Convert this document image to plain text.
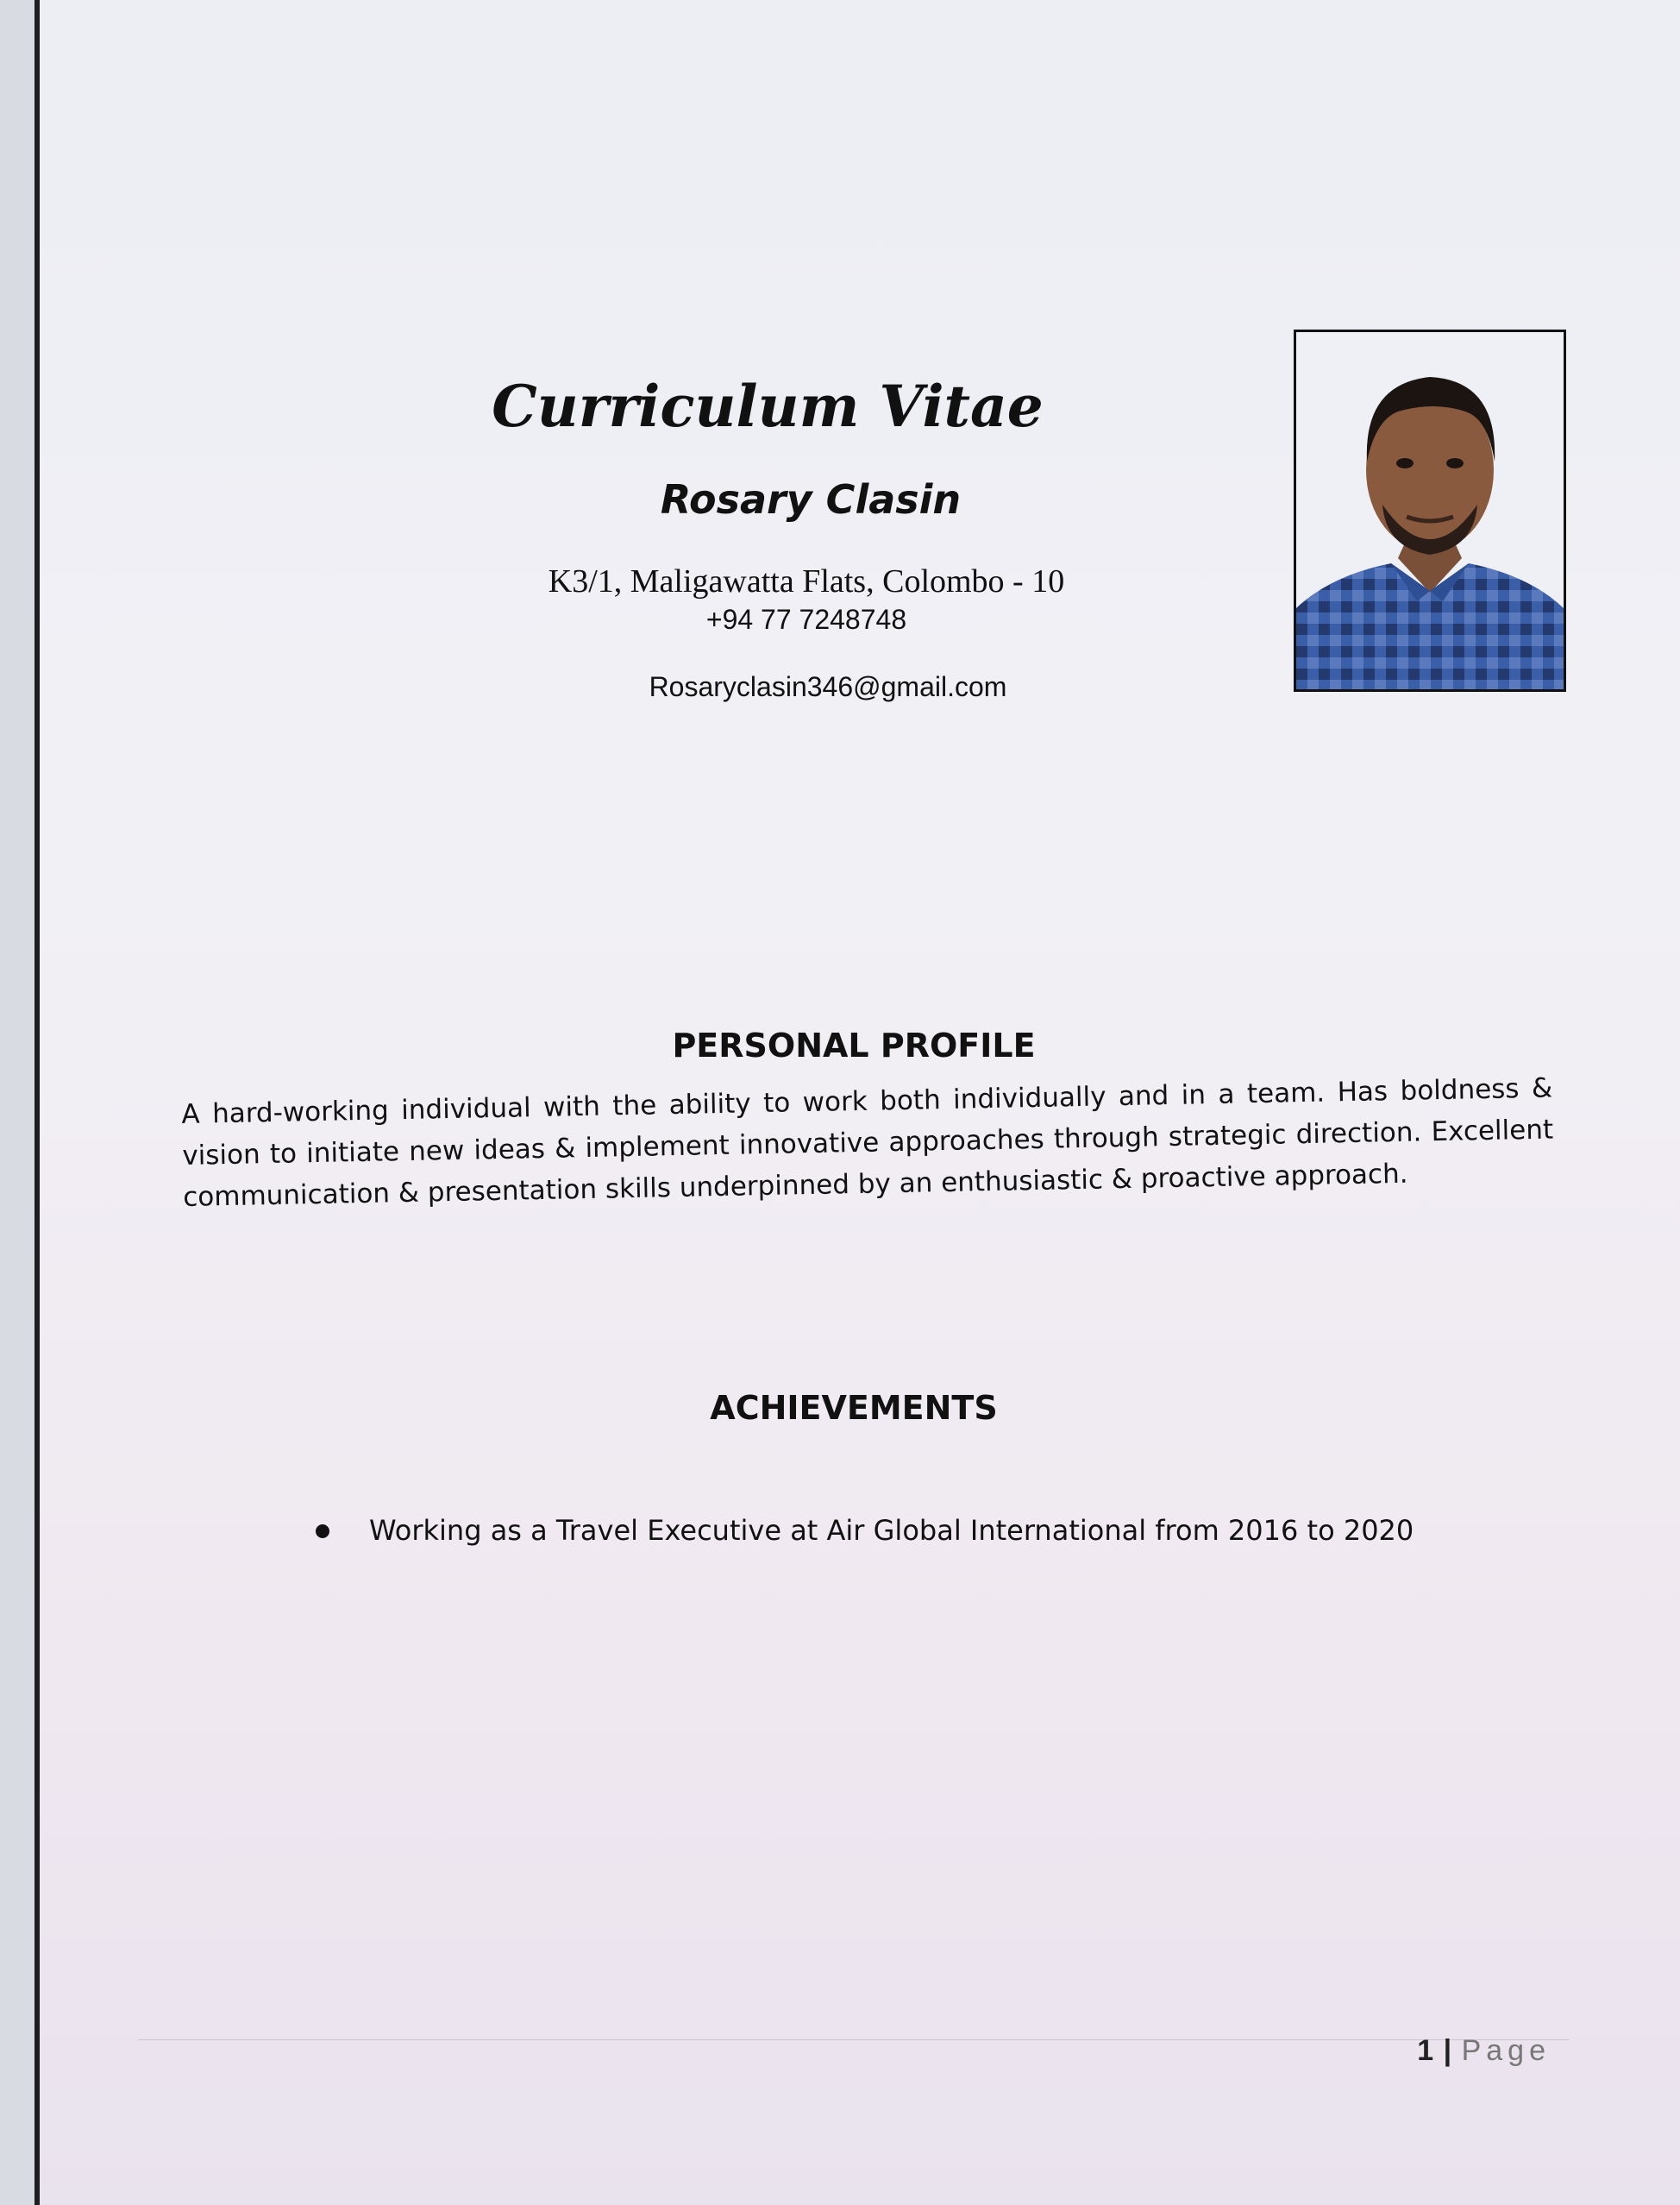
Curriculum Vitae
Rosary Clasin

K3/1, Maligawatta Flats, Colombo - 10

+94 77 7248748

Rosaryclasin346@gmail.com

PERSONAL PROFILE

A hard-working individual with the ability to work both individually and in a team. Has boldness & vision to initiate new ideas & implement innovative approaches through strategic direction. Excellent communication & presentation skills underpinned by an enthusiastic & proactive approach.

ACHIEVEMENTS
Working as a Travel Executive at Air Global International from 2016 to 2020

1 | Page
